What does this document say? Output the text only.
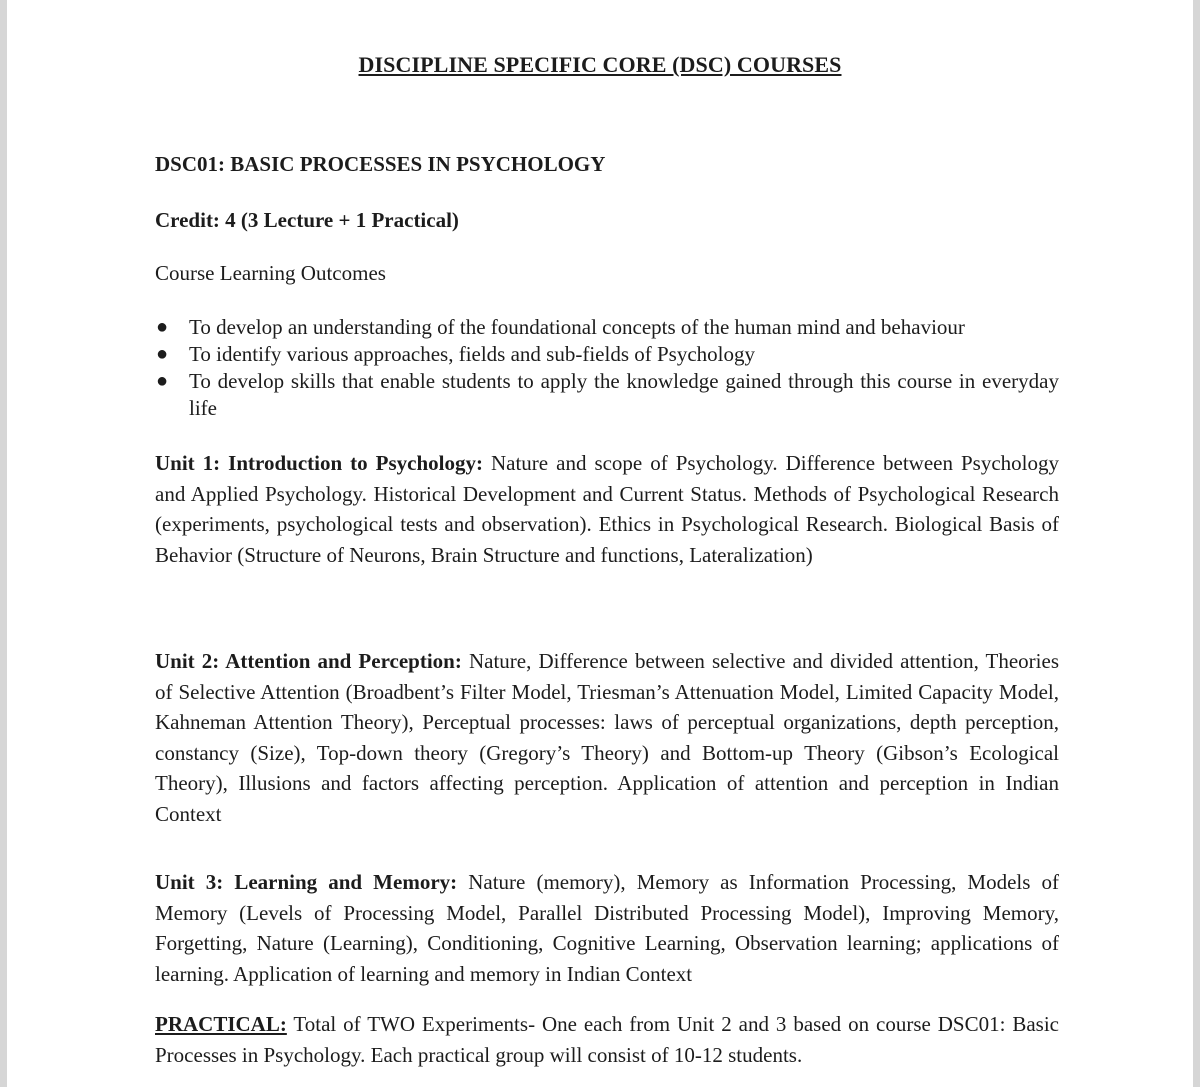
DISCIPLINE SPECIFIC CORE (DSC) COURSES
DSC01: BASIC PROCESSES IN PSYCHOLOGY

Credit: 4 (3 Lecture + 1 Practical)

Course Learning Outcomes

● To develop an understanding of the foundational concepts of the human mind and behaviour
● To identify various approaches, fields and sub-fields of Psychology
● To develop skills that enable students to apply the knowledge gained through this course in everyday life

Unit 1: Introduction to Psychology: Nature and scope of Psychology. Difference between Psychology and Applied Psychology. Historical Development and Current Status. Methods of Psychological Research (experiments, psychological tests and observation). Ethics in Psychological Research. Biological Basis of Behavior (Structure of Neurons, Brain Structure and functions, Lateralization)

Unit 2: Attention and Perception: Nature, Difference between selective and divided attention, Theories of Selective Attention (Broadbent’s Filter Model, Triesman’s Attenuation Model, Limited Capacity Model, Kahneman Attention Theory), Perceptual processes: laws of perceptual organizations, depth perception, constancy (Size), Top-down theory (Gregory’s Theory) and Bottom-up Theory (Gibson’s Ecological Theory), Illusions and factors affecting perception. Application of attention and perception in Indian Context

Unit 3: Learning and Memory: Nature (memory), Memory as Information Processing, Models of Memory (Levels of Processing Model, Parallel Distributed Processing Model), Improving Memory, Forgetting, Nature (Learning), Conditioning, Cognitive Learning, Observation learning; applications of learning. Application of learning and memory in Indian Context

PRACTICAL: Total of TWO Experiments- One each from Unit 2 and 3 based on course DSC01: Basic Processes in Psychology. Each practical group will consist of 10-12 students.
